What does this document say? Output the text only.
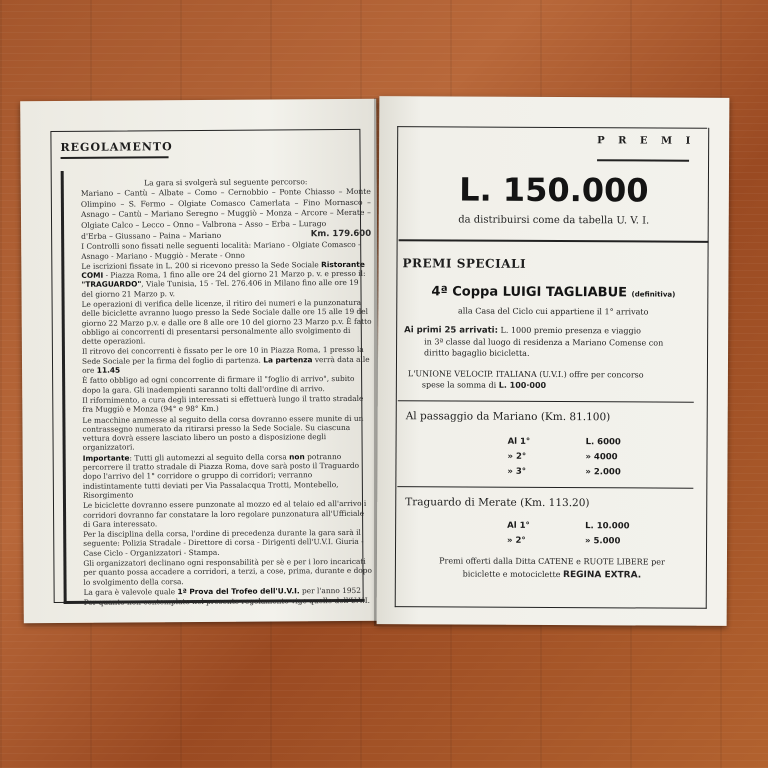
REGOLAMENTO

La gara si svolgerà sul seguente percorso:

Mariano – Cantù – Albate – Como – Cernobbio – Ponte Chiasso – Monte Olimpino – S. Fermo – Olgiate Comasco Camerlata – Fino Mornasco – Asnago – Cantù – Mariano Seregno – Muggiò – Monza – Arcore – Merate – Olgiate Calco – Lecco – Onno – Valbrona – Asso – Erba – Lurago

d'Erba – Giussano – Paina – Mariano	Km. 179.600

I Controlli sono fissati nelle seguenti località: Mariano - Olgiate Comasco - Asnago - Mariano - Muggiò - Merate - Onno

Le iscrizioni fissate in L. 200 si ricevono presso la Sede Sociale Ristorante COMI - Piazza Roma, 1 fino alle ore 24 del giorno 21 Marzo p. v. e presso il: "TRAGUARDO", Viale Tunisia, 15 - Tel. 276.406 in Milano fino alle ore 19 del giorno 21 Marzo p. v.

Le operazioni di verifica delle licenze, il ritiro dei numeri e la punzonatura delle biciclette avranno luogo presso la Sede Sociale dalle ore 15 alle 19 del giorno 22 Marzo p.v. e dalle ore 8 alle ore 10 del giorno 23 Marzo p.v. È fatto obbligo ai concorrenti di presentarsi personalmente allo svolgimento di dette operazioni.

Il ritrovo dei concorrenti è fissato per le ore 10 in Piazza Roma, 1 presso la Sede Sociale per la firma del foglio di partenza. La partenza verrà data alle ore 11.45

È fatto obbligo ad ogni concorrente di firmare il "foglio di arrivo", subito dopo la gara. Gli inadempienti saranno tolti dall'ordine di arrivo.

Il rifornimento, a cura degli interessati si effettuerà lungo il tratto stradale fra Muggiò e Monza (94° e 98° Km.)

Le macchine ammesse al seguito della corsa dovranno essere munite di un contrassegno numerato da ritirarsi presso la Sede Sociale. Su ciascuna vettura dovrà essere lasciato libero un posto a disposizione degli organizzatori.

Importante: Tutti gli automezzi al seguito della corsa non potranno percorrere il tratto stradale di Piazza Roma, dove sarà posto il Traguardo dopo l'arrivo del 1° corridore o gruppo di corridori; verranno indistintamente tutti deviati per Via Passalacqua Trotti, Montebello, Risorgimento

Le biciclette dovranno essere punzonate al mozzo ed al telaio ed all'arrivo i corridori dovranno far constatare la loro regolare punzonatura all'Ufficiale di Gara interessato.

Per la disciplina della corsa, l'ordine di precedenza durante la gara sarà il seguente: Polizia Stradale - Direttore di corsa - Dirigenti dell'U.V.I. Giuria - Case Ciclo - Organizzatori - Stampa.

Gli organizzatori declinano ogni responsabilità per sè e per i loro incaricati per quanto possa accadere a corridori, a terzi, a cose, prima, durante e dopo lo svolgimento della corsa.

La gara è valevole quale 1ª Prova del Trofeo dell'U.V.I. per l'anno 1952

Per quanto non contemplato nel presente regolamento vige quello dell'U.V.I.

P R E M I
L. 150.000
da distribuirsi come da tabella U. V. I.
PREMI SPECIALI
4ª Coppa LUIGI TAGLIABUE (definitiva)
alla Casa del Ciclo cui appartiene il 1° arrivato
Ai primi 25 arrivati: L. 1000 premio presenza e viaggio
in 3ª classe dal luogo di residenza a Mariano Comense con
diritto bagaglio bicicletta.
L'UNIONE VELOCIP. ITALIANA (U.V.I.) offre per concorso
spese la somma di L. 100·000
Al passaggio da Mariano (Km. 81.100)
Al 1°	L. 6000
» 2°	» 4000
» 3°	» 2.000
Traguardo di Merate (Km. 113.20)
Al 1°	L. 10.000
» 2°	» 5.000
Premi offerti dalla Ditta CATENE e RUOTE LIBERE per
biciclette e motociclette REGINA EXTRA.
